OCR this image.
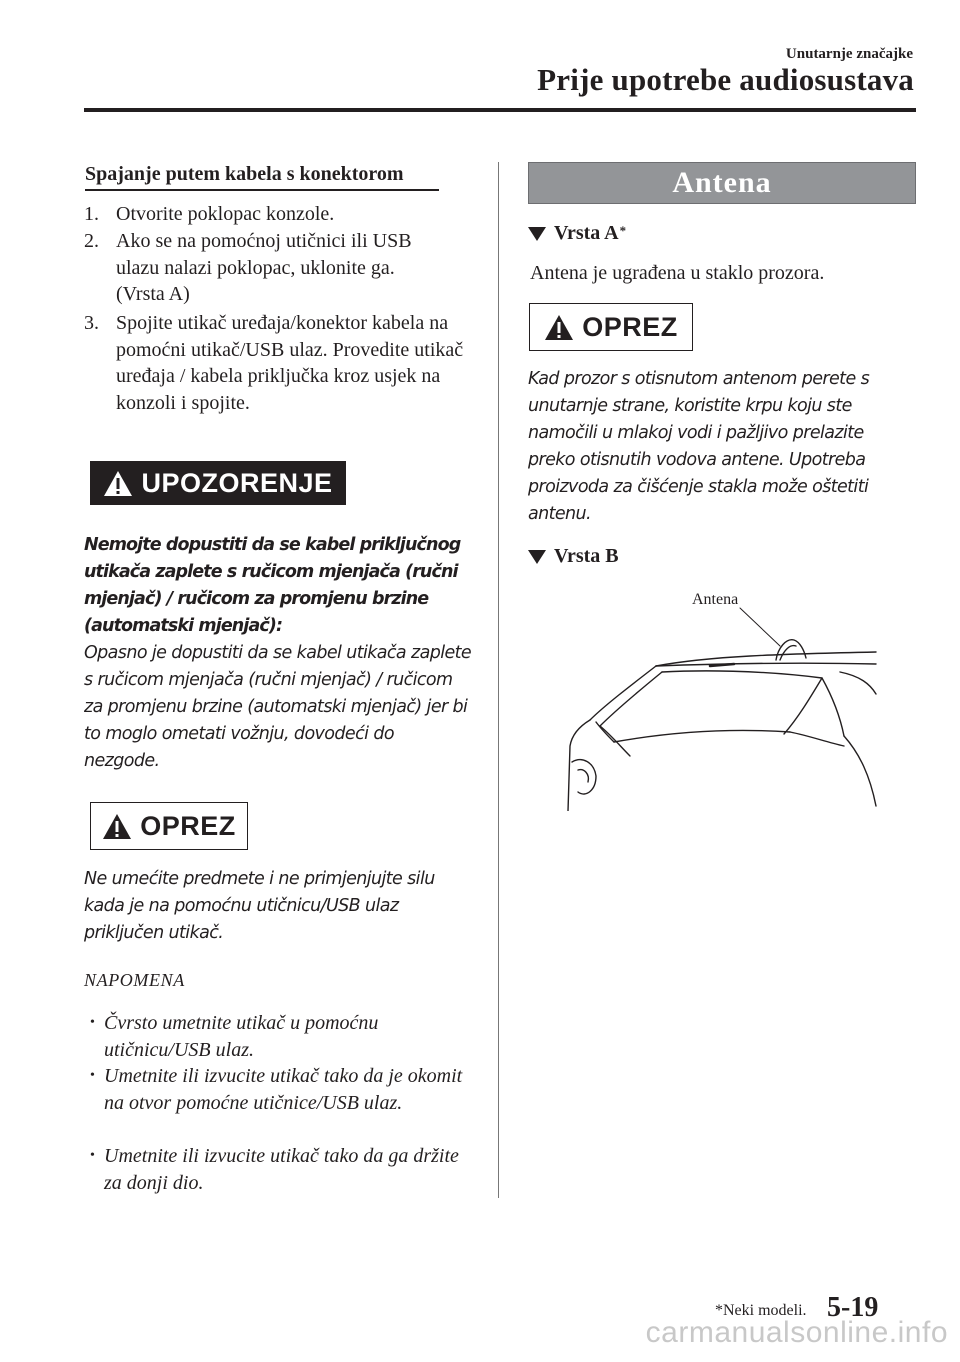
Unutarnje značajke
Prije upotrebe audiosustava
Spajanje putem kabela s konektorom
1. Otvorite poklopac konzole.
2. Ako se na pomoćnoj utičnici ili USB ulazu nalazi poklopac, uklonite ga. (Vrsta A)
3. Spojite utikač uređaja/konektor kabela na pomoćni utikač/USB ulaz. Provedite utikač uređaja / kabela priključka kroz usjek na konzoli i spojite.
UPOZORENJE
Nemojte dopustiti da se kabel priključnog utikača zaplete s ručicom mjenjača (ručni mjenjač) / ručicom za promjenu brzine (automatski mjenjač):
Opasno je dopustiti da se kabel utikača zaplete s ručicom mjenjača (ručni mjenjač) / ručicom za promjenu brzine (automatski mjenjač) jer bi to moglo ometati vožnju, dovodeći do nezgode.
OPREZ
Ne umećite predmete i ne primjenjujte silu kada je na pomoćnu utičnicu/USB ulaz priključen utikač.
NAPOMENA
• Čvrsto umetnite utikač u pomoćnu utičnicu/USB ulaz.
• Umetnite ili izvucite utikač tako da je okomit na otvor pomoćne utičnice/USB ulaz.
• Umetnite ili izvucite utikač tako da ga držite za donji dio.
Antena
Vrsta A*
Antena je ugrađena u staklo prozora.
OPREZ
Kad prozor s otisnutom antenom perete s unutarnje strane, koristite krpu koju ste namočili u mlakoj vodi i pažljivo prelazite preko otisnutih vodova antene. Upotreba proizvoda za čišćenje stakla može oštetiti antenu.
Vrsta B
Antena
*Neki modeli. 5-19
carmanualsonline.info
